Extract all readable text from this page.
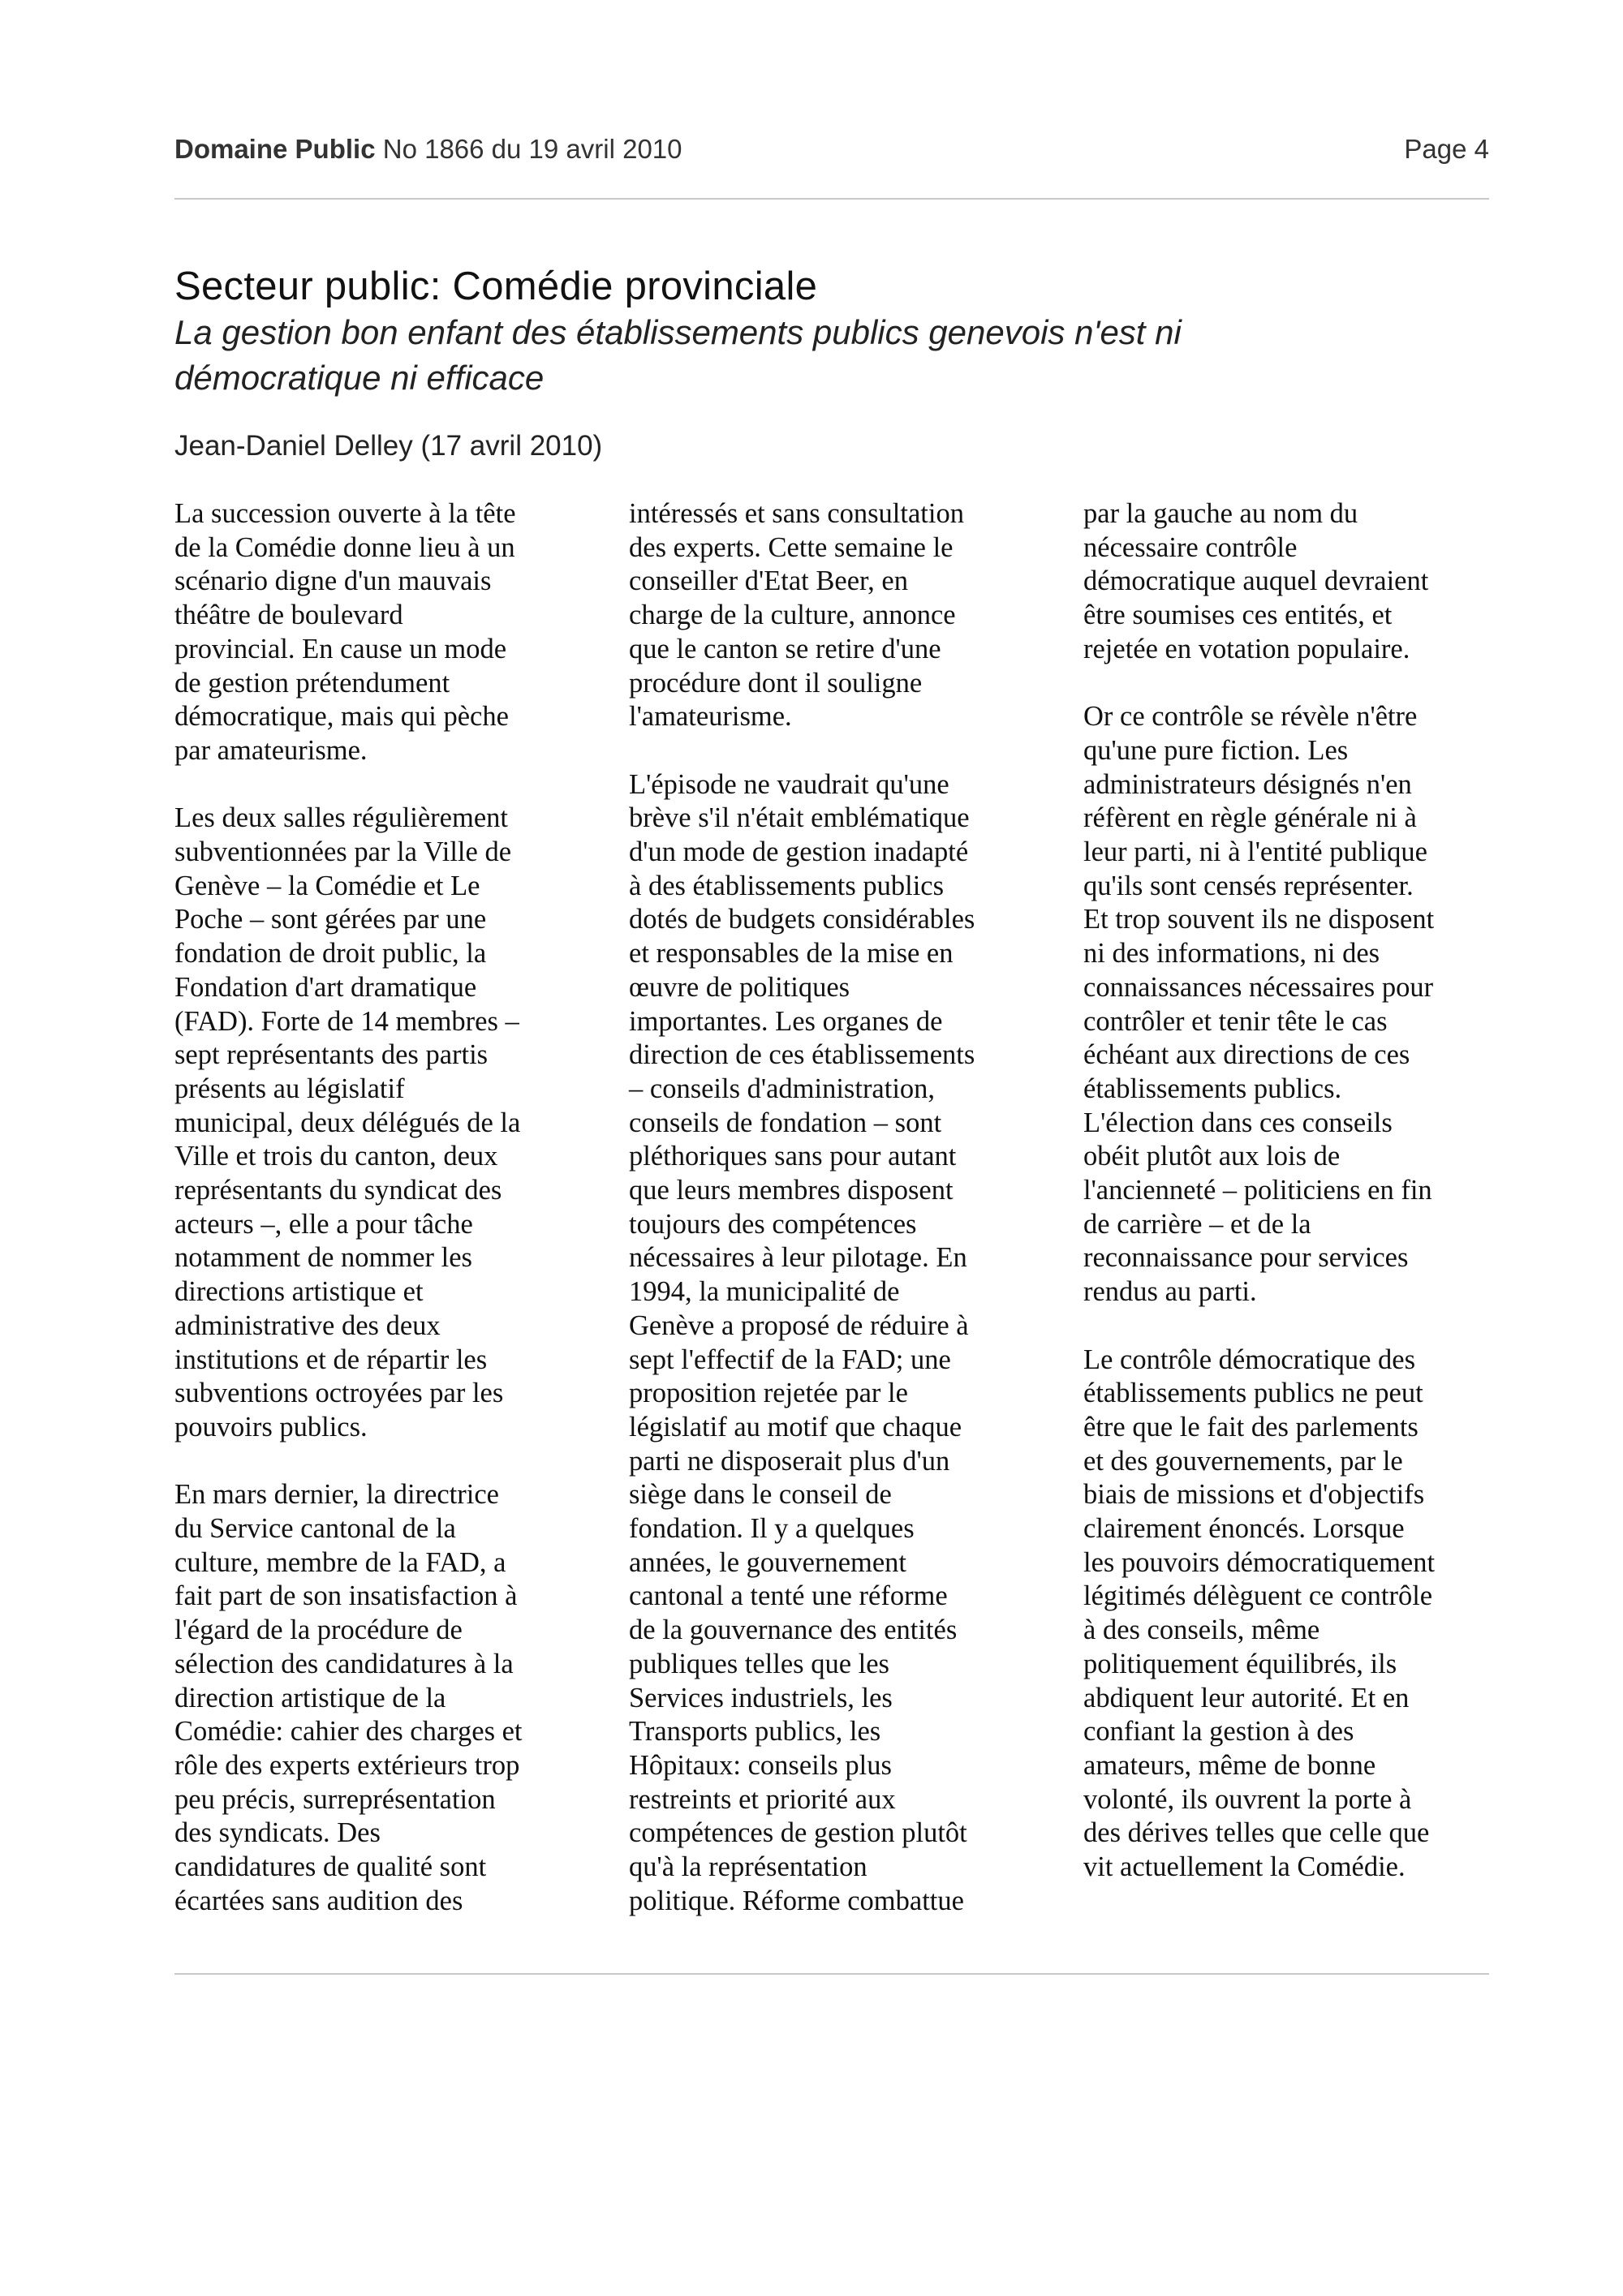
Domaine Public No 1866 du 19 avril 2010	Page 4
Secteur public: Comédie provinciale
La gestion bon enfant des établissements publics genevois n'est ni
démocratique ni efficace
Jean-Daniel Delley (17 avril 2010)

La succession ouverte à la tête
de la Comédie donne lieu à un
scénario digne d'un mauvais
théâtre de boulevard
provincial. En cause un mode
de gestion prétendument
démocratique, mais qui pèche
par amateurisme.

Les deux salles régulièrement
subventionnées par la Ville de
Genève – la Comédie et Le
Poche – sont gérées par une
fondation de droit public, la
Fondation d'art dramatique
(FAD). Forte de 14 membres –
sept représentants des partis
présents au législatif
municipal, deux délégués de la
Ville et trois du canton, deux
représentants du syndicat des
acteurs –, elle a pour tâche
notamment de nommer les
directions artistique et
administrative des deux
institutions et de répartir les
subventions octroyées par les
pouvoirs publics.

En mars dernier, la directrice
du Service cantonal de la
culture, membre de la FAD, a
fait part de son insatisfaction à
l'égard de la procédure de
sélection des candidatures à la
direction artistique de la
Comédie: cahier des charges et
rôle des experts extérieurs trop
peu précis, surreprésentation
des syndicats. Des
candidatures de qualité sont
écartées sans audition des

intéressés et sans consultation
des experts. Cette semaine le
conseiller d'Etat Beer, en
charge de la culture, annonce
que le canton se retire d'une
procédure dont il souligne
l'amateurisme.

L'épisode ne vaudrait qu'une
brève s'il n'était emblématique
d'un mode de gestion inadapté
à des établissements publics
dotés de budgets considérables
et responsables de la mise en
œuvre de politiques
importantes. Les organes de
direction de ces établissements
– conseils d'administration,
conseils de fondation – sont
pléthoriques sans pour autant
que leurs membres disposent
toujours des compétences
nécessaires à leur pilotage. En
1994, la municipalité de
Genève a proposé de réduire à
sept l'effectif de la FAD; une
proposition rejetée par le
législatif au motif que chaque
parti ne disposerait plus d'un
siège dans le conseil de
fondation. Il y a quelques
années, le gouvernement
cantonal a tenté une réforme
de la gouvernance des entités
publiques telles que les
Services industriels, les
Transports publics, les
Hôpitaux: conseils plus
restreints et priorité aux
compétences de gestion plutôt
qu'à la représentation
politique. Réforme combattue

par la gauche au nom du
nécessaire contrôle
démocratique auquel devraient
être soumises ces entités, et
rejetée en votation populaire.

Or ce contrôle se révèle n'être
qu'une pure fiction. Les
administrateurs désignés n'en
réfèrent en règle générale ni à
leur parti, ni à l'entité publique
qu'ils sont censés représenter.
Et trop souvent ils ne disposent
ni des informations, ni des
connaissances nécessaires pour
contrôler et tenir tête le cas
échéant aux directions de ces
établissements publics.
L'élection dans ces conseils
obéit plutôt aux lois de
l'ancienneté – politiciens en fin
de carrière – et de la
reconnaissance pour services
rendus au parti.

Le contrôle démocratique des
établissements publics ne peut
être que le fait des parlements
et des gouvernements, par le
biais de missions et d'objectifs
clairement énoncés. Lorsque
les pouvoirs démocratiquement
légitimés délèguent ce contrôle
à des conseils, même
politiquement équilibrés, ils
abdiquent leur autorité. Et en
confiant la gestion à des
amateurs, même de bonne
volonté, ils ouvrent la porte à
des dérives telles que celle que
vit actuellement la Comédie.
